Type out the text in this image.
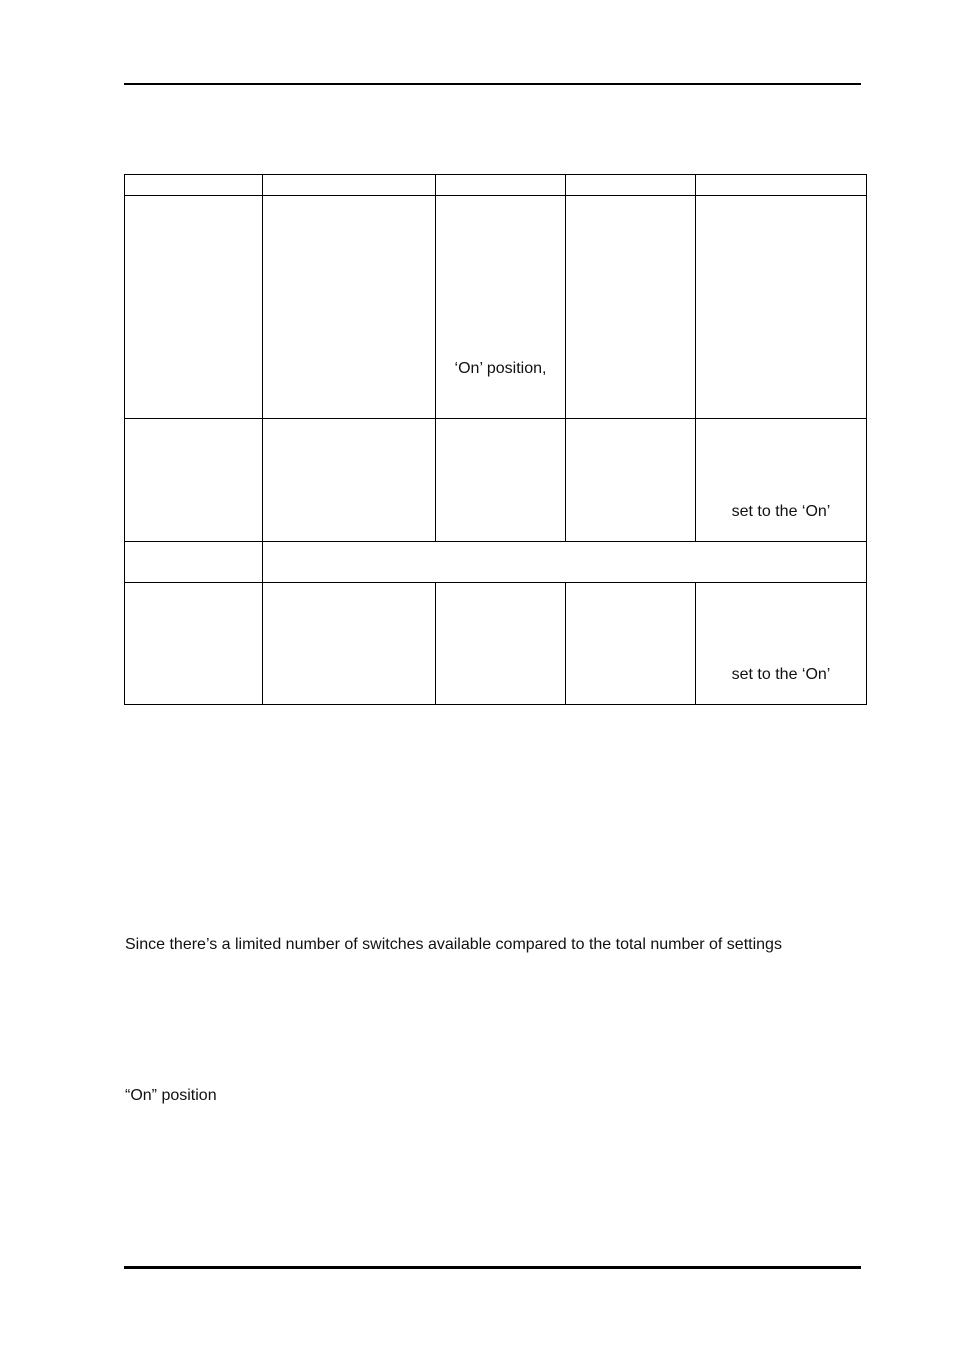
		‘On’ position,		
				set to the ‘On’

				set to the ‘On’
Since there’s a limited number of switches available compared to the total number of settings
“On” position
